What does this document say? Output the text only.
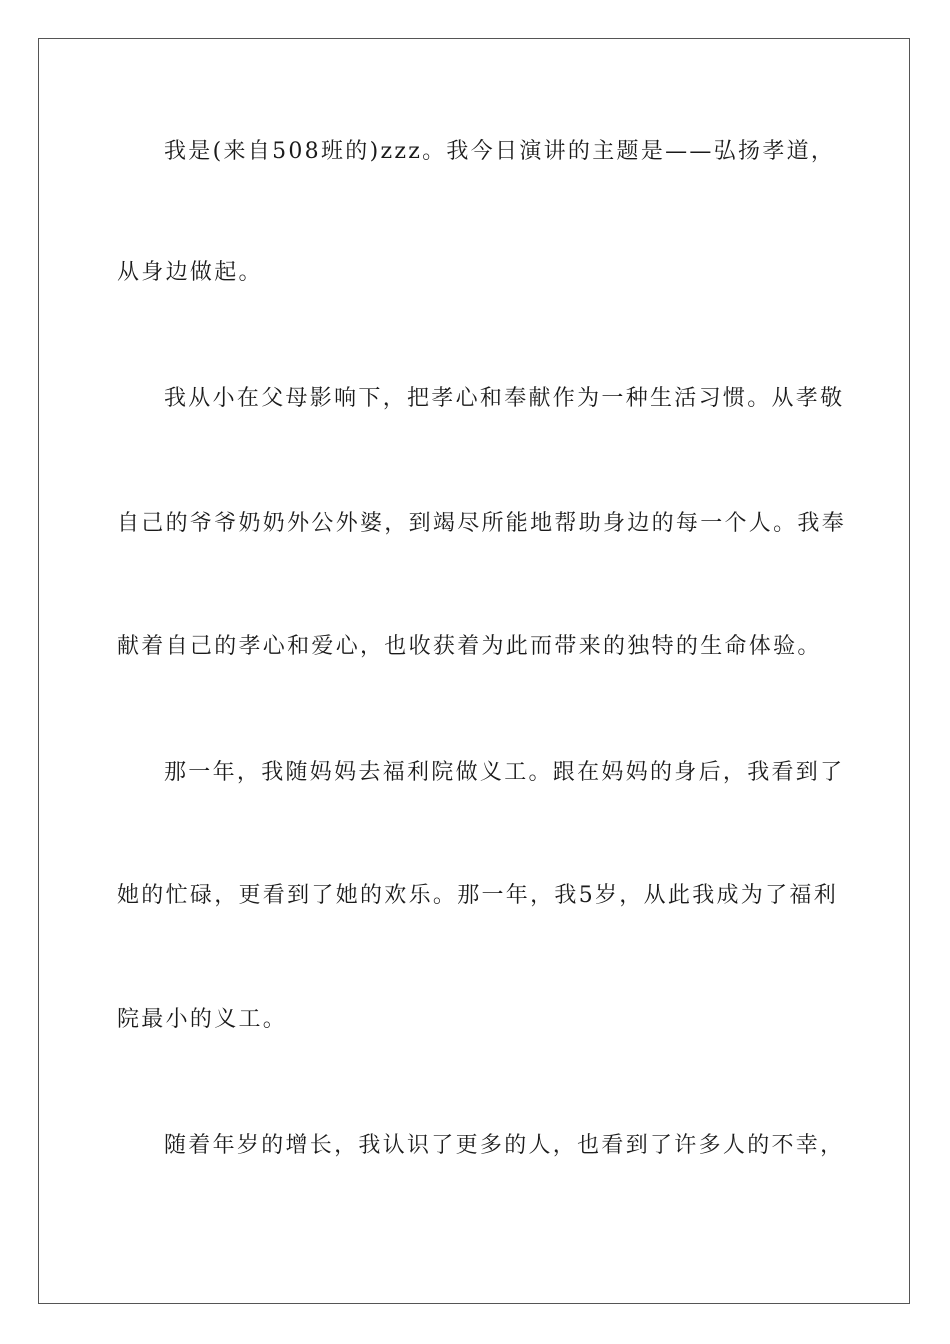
我是(来自508班的)zzz。我今日演讲的主题是——弘扬孝道，
从身边做起。
我从小在父母影响下，把孝心和奉献作为一种生活习惯。从孝敬
自己的爷爷奶奶外公外婆，到竭尽所能地帮助身边的每一个人。我奉
献着自己的孝心和爱心，也收获着为此而带来的独特的生命体验。
那一年，我随妈妈去福利院做义工。跟在妈妈的身后，我看到了
她的忙碌，更看到了她的欢乐。那一年，我5岁，从此我成为了福利
院最小的义工。
随着年岁的增长，我认识了更多的人，也看到了许多人的不幸，
